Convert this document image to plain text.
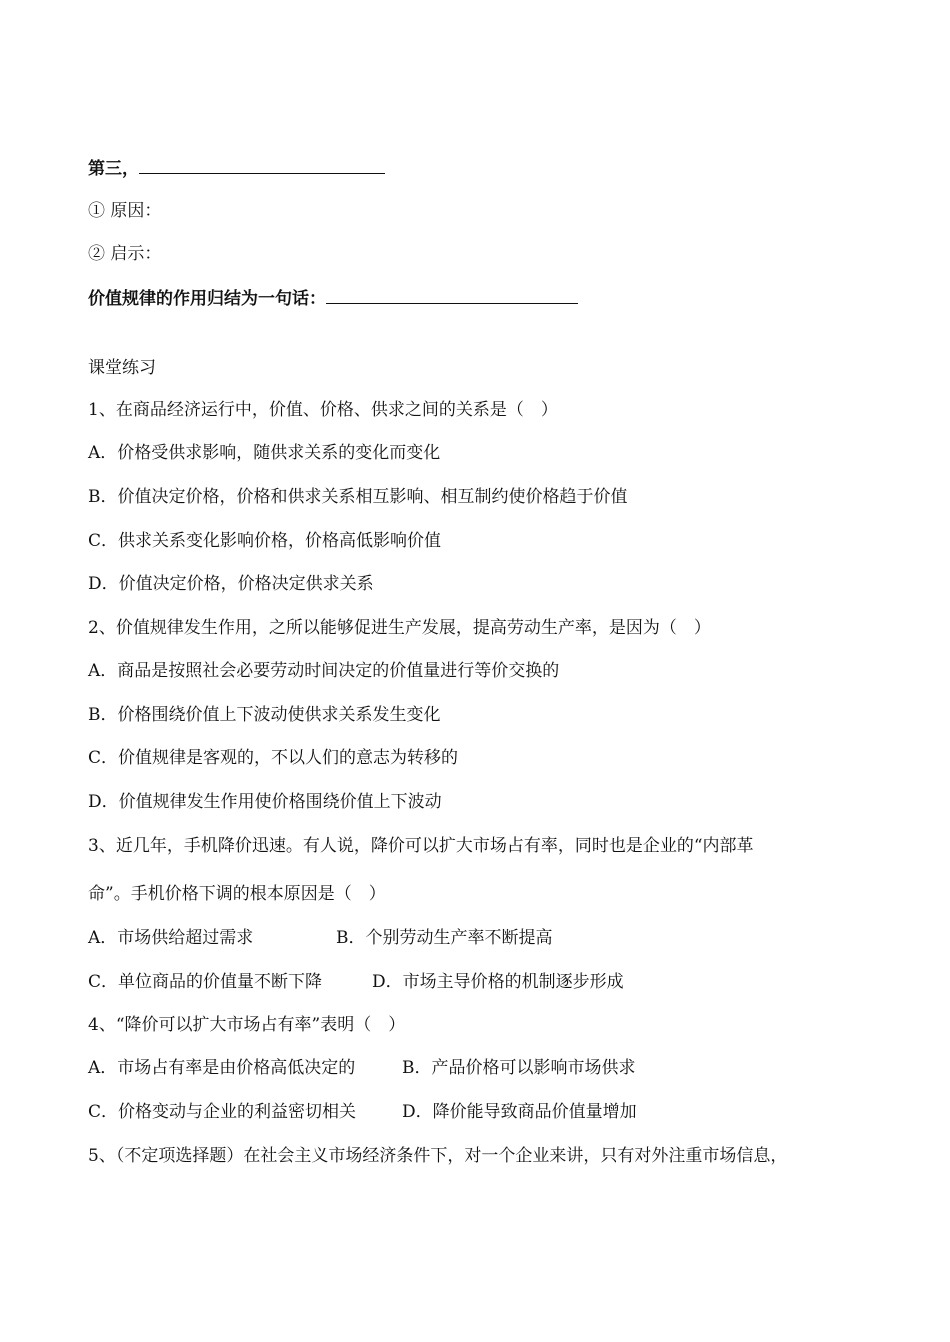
第三，
① 原因：
② 启示：
价值规律的作用归结为一句话：
课堂练习
1、在商品经济运行中，价值、价格、供求之间的关系是（　）
A．价格受供求影响，随供求关系的变化而变化
B．价值决定价格，价格和供求关系相互影响、相互制约使价格趋于价值
C．供求关系变化影响价格，价格高低影响价值
D．价值决定价格，价格决定供求关系
2、价值规律发生作用，之所以能够促进生产发展，提高劳动生产率，是因为（　）
A．商品是按照社会必要劳动时间决定的价值量进行等价交换的
B．价格围绕价值上下波动使供求关系发生变化
C．价值规律是客观的，不以人们的意志为转移的
D．价值规律发生作用使价格围绕价值上下波动
3、近几年，手机降价迅速。有人说，降价可以扩大市场占有率，同时也是企业的“内部革
命”。手机价格下调的根本原因是（　）
A．市场供给超过需求	B．个别劳动生产率不断提高
C．单位商品的价值量不断下降	D．市场主导价格的机制逐步形成
4、“降价可以扩大市场占有率”表明（　）
A．市场占有率是由价格高低决定的	B．产品价格可以影响市场供求
C．价格变动与企业的利益密切相关	D．降价能导致商品价值量增加
5、（不定项选择题）在社会主义市场经济条件下，对一个企业来讲，只有对外注重市场信息，
